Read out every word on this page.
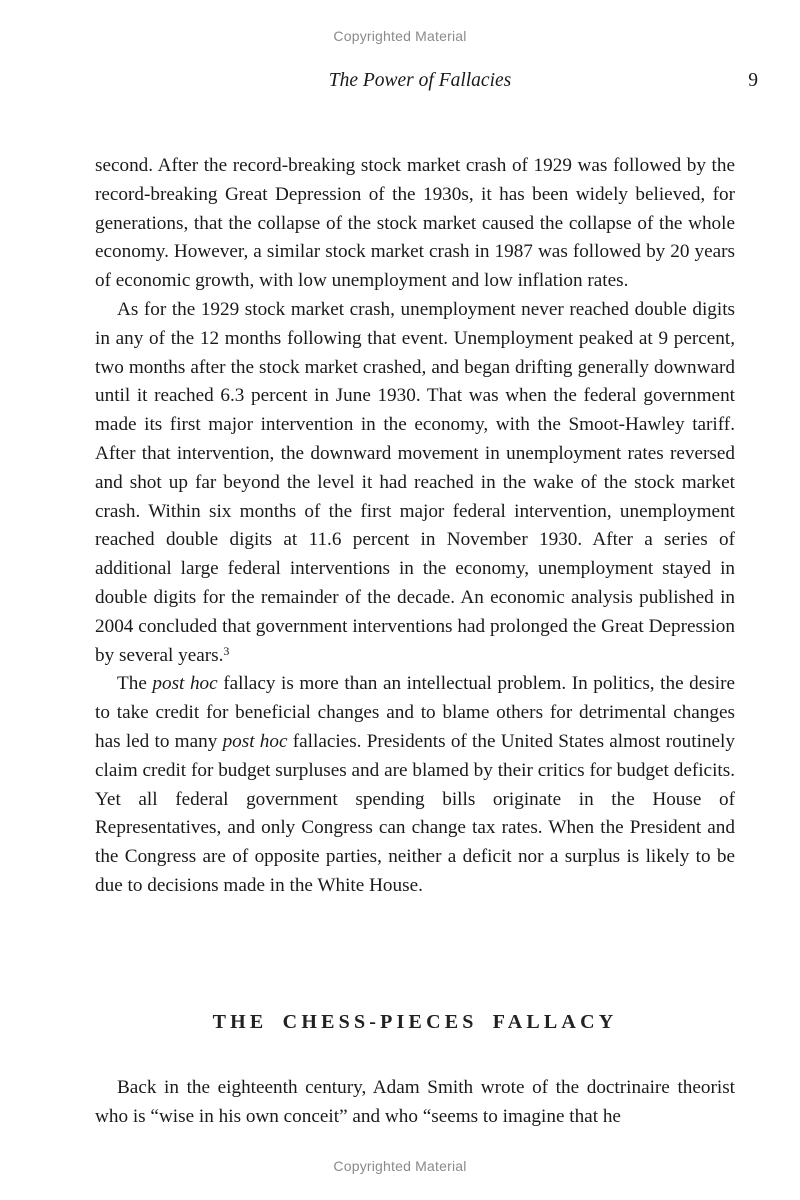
Copyrighted Material
The Power of Fallacies	9

second. After the record-breaking stock market crash of 1929 was followed by the record-breaking Great Depression of the 1930s, it has been widely believed, for generations, that the collapse of the stock market caused the collapse of the whole economy. However, a similar stock market crash in 1987 was followed by 20 years of economic growth, with low unemployment and low inflation rates.

As for the 1929 stock market crash, unemployment never reached double digits in any of the 12 months following that event. Unemployment peaked at 9 percent, two months after the stock market crashed, and began drifting generally downward until it reached 6.3 percent in June 1930. That was when the federal government made its first major intervention in the economy, with the Smoot-Hawley tariff. After that intervention, the downward movement in unemployment rates reversed and shot up far beyond the level it had reached in the wake of the stock market crash. Within six months of the first major federal intervention, unemployment reached double digits at 11.6 percent in November 1930. After a series of additional large federal interventions in the economy, unemployment stayed in double digits for the remainder of the decade. An economic analysis published in 2004 concluded that government interventions had prolonged the Great Depression by several years.$^3$

The post hoc fallacy is more than an intellectual problem. In politics, the desire to take credit for beneficial changes and to blame others for detrimental changes has led to many post hoc fallacies. Presidents of the United States almost routinely claim credit for budget surpluses and are blamed by their critics for budget deficits. Yet all federal government spending bills originate in the House of Representatives, and only Congress can change tax rates. When the President and the Congress are of opposite parties, neither a deficit nor a surplus is likely to be due to decisions made in the White House.

THE CHESS-PIECES FALLACY

Back in the eighteenth century, Adam Smith wrote of the doctrinaire theorist who is “wise in his own conceit” and who “seems to imagine that he

Copyrighted Material
